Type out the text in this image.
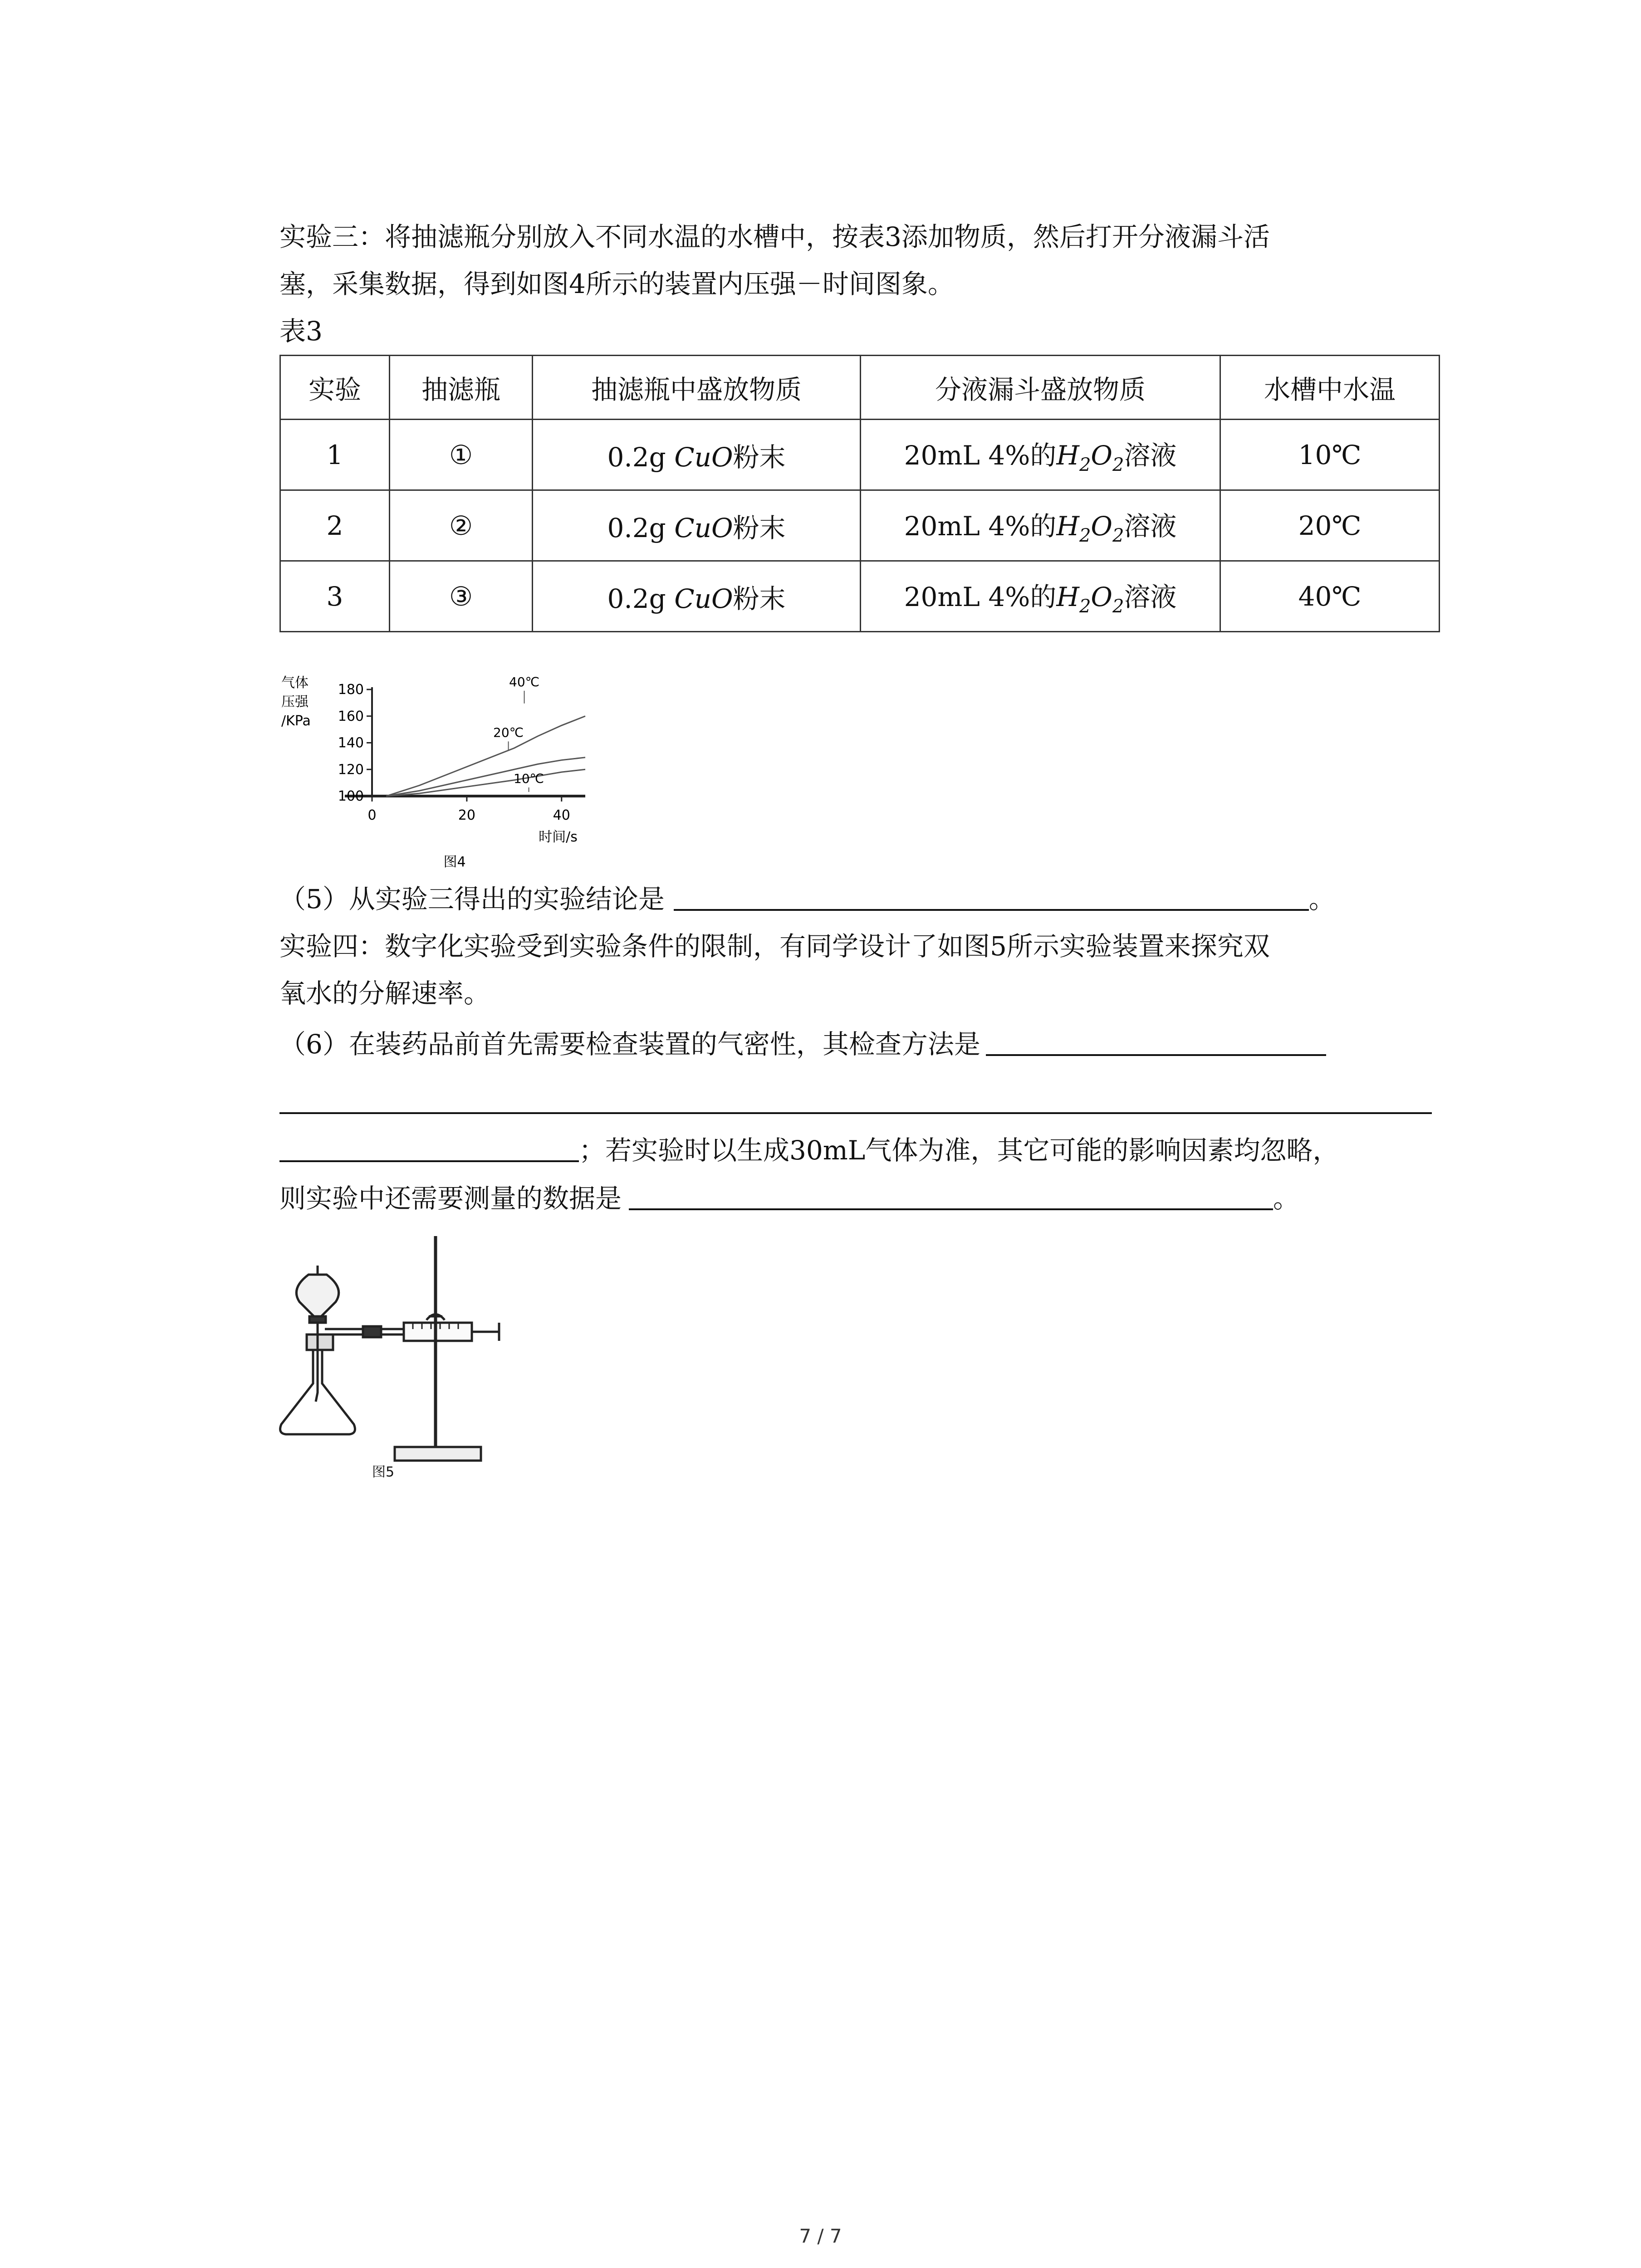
实验三：将抽滤瓶分别放入不同水温的水槽中，按表3添加物质，然后打开分液漏斗活
塞，采集数据，得到如图4所示的装置内压强－时间图象。
表3
实验	抽滤瓶	抽滤瓶中盛放物质	分液漏斗盛放物质	水槽中水温
1	①	0.2g CuO粉末	20mL 4%的$H_2O_2$溶液	10℃
2	②	0.2g CuO粉末	20mL 4%的$H_2O_2$溶液	20℃
3	③	0.2g CuO粉末	20mL 4%的$H_2O_2$溶液	40℃
气体
压强
/KPa
180
160
140
120
100
0	20	40
40℃
20℃
10℃
时间/s
图4
（5）从实验三得出的实验结论是	。
实验四：数字化实验受到实验条件的限制，有同学设计了如图5所示实验装置来探究双
氧水的分解速率。
（6）在装药品前首先需要检查装置的气密性，其检查方法是
；若实验时以生成30mL气体为准，其它可能的影响因素均忽略，
则实验中还需要测量的数据是	。
图5
7 / 7
